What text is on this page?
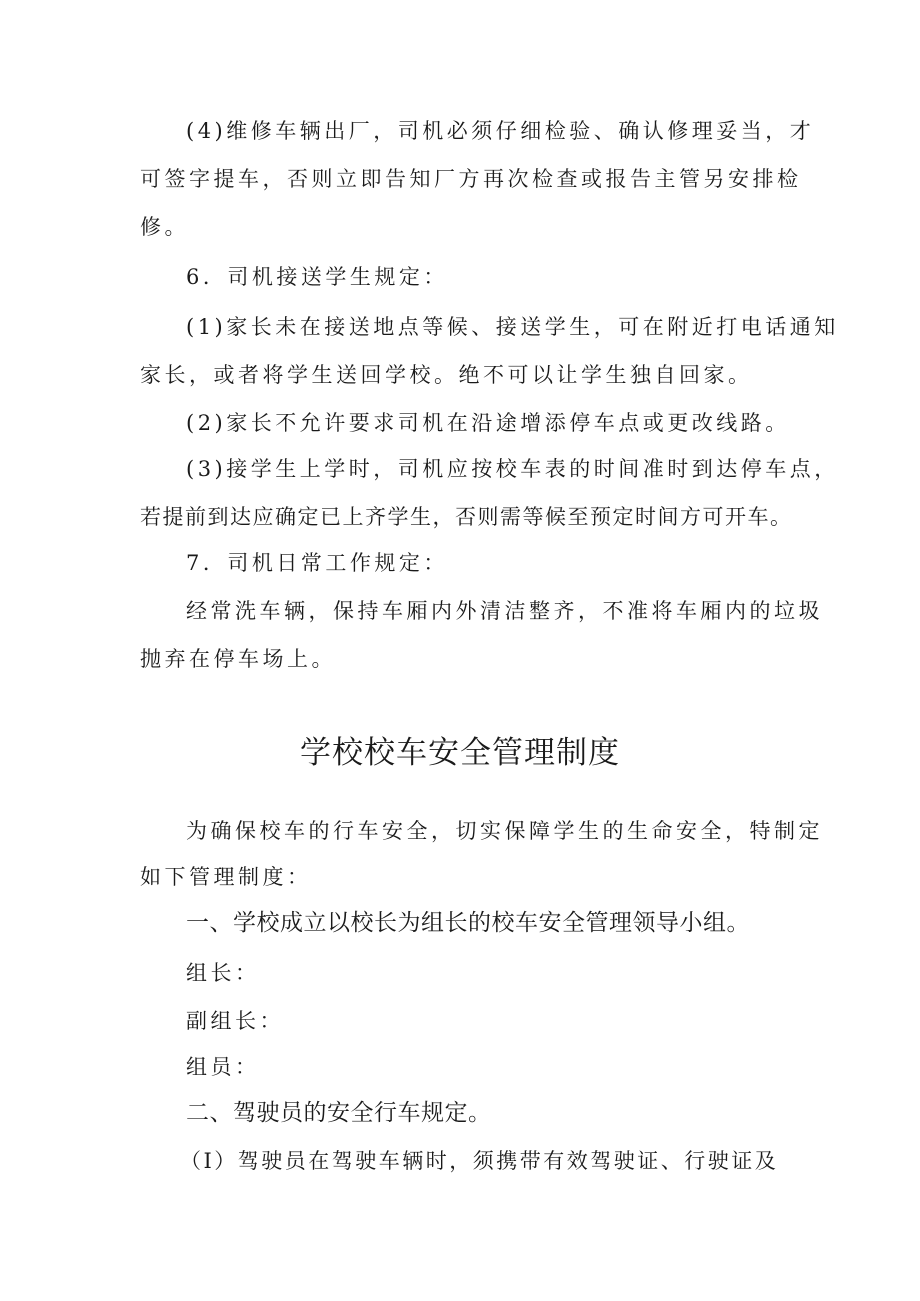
(4)维修车辆出厂，司机必须仔细检验、确认修理妥当，才
可签字提车，否则立即告知厂方再次检查或报告主管另安排检
修。
6．司机接送学生规定：
(1)家长未在接送地点等候、接送学生，可在附近打电话通知
家长，或者将学生送回学校。绝不可以让学生独自回家。
(2)家长不允许要求司机在沿途增添停车点或更改线路。
(3)接学生上学时，司机应按校车表的时间准时到达停车点，
若提前到达应确定已上齐学生，否则需等候至预定时间方可开车。
7．司机日常工作规定：
经常洗车辆，保持车厢内外清洁整齐，不准将车厢内的垃圾
抛弃在停车场上。
学校校车安全管理制度
为确保校车的行车安全，切实保障学生的生命安全，特制定
如下管理制度：
一、学校成立以校长为组长的校车安全管理领导小组。
组长：
副组长：
组员：
二、驾驶员的安全行车规定。
（I）驾驶员在驾驶车辆时，须携带有效驾驶证、行驶证及
